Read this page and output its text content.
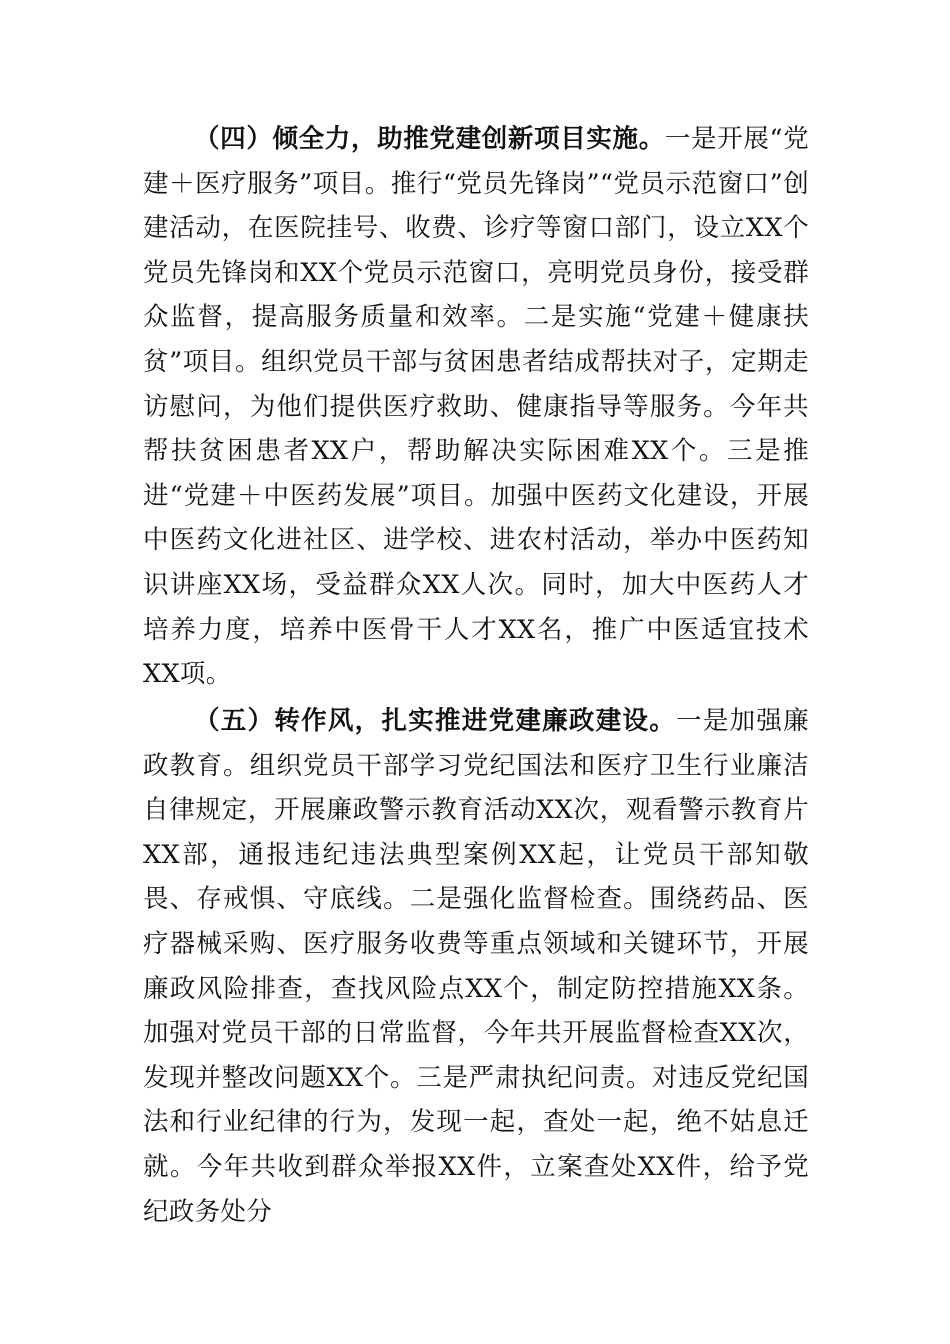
（四）倾全力，助推党建创新项目实施。一是开展“党建＋医疗服务”项目。推行“党员先锋岗”“党员示范窗口”创建活动，在医院挂号、收费、诊疗等窗口部门，设立XX个党员先锋岗和XX个党员示范窗口，亮明党员身份，接受群众监督，提高服务质量和效率。二是实施“党建＋健康扶贫”项目。组织党员干部与贫困患者结成帮扶对子，定期走访慰问，为他们提供医疗救助、健康指导等服务。今年共帮扶贫困患者XX户，帮助解决实际困难XX个。三是推进“党建＋中医药发展”项目。加强中医药文化建设，开展中医药文化进社区、进学校、进农村活动，举办中医药知识讲座XX场，受益群众XX人次。同时，加大中医药人才培养力度，培养中医骨干人才XX名，推广中医适宜技术XX项。

（五）转作风，扎实推进党建廉政建设。一是加强廉政教育。组织党员干部学习党纪国法和医疗卫生行业廉洁自律规定，开展廉政警示教育活动XX次，观看警示教育片XX部，通报违纪违法典型案例XX起，让党员干部知敬畏、存戒惧、守底线。二是强化监督检查。围绕药品、医疗器械采购、医疗服务收费等重点领域和关键环节，开展廉政风险排查，查找风险点XX个，制定防控措施XX条。加强对党员干部的日常监督，今年共开展监督检查XX次，发现并整改问题XX个。三是严肃执纪问责。对违反党纪国法和行业纪律的行为，发现一起，查处一起，绝不姑息迁就。今年共收到群众举报XX件，立案查处XX件，给予党纪政务处分
